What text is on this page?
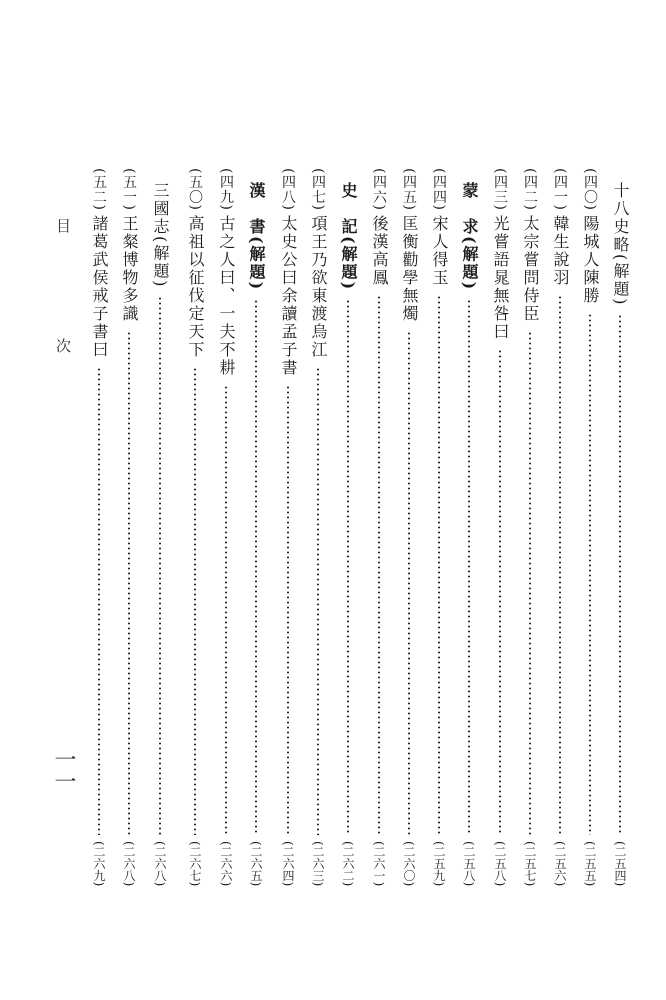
十八史略(解題)
(二五四)
(四〇)
陽城人陳勝
(二五五)
(四一)
韓生說羽
(二五六)
(四二)
太宗嘗問侍臣
(二五七)
(四三)
光嘗語晁無咎曰
(二五八)
蒙　求(解題)
(二五八)
(四四)
宋人得玉
(二五九)
(四五)
匡衡勸學無燭
(二六〇)
(四六)
後漢高鳳
(二六一)
史　記(解題)
(二六二)
(四七)
項王乃欲東渡烏江
(二六三)
(四八)
太史公曰余讀孟子書
(二六四)
漢　書(解題)
(二六五)
(四九)
古之人曰、一夫不耕
(二六六)
(五〇)
高祖以征伐定天下
(二六七)
三國志(解題)
(二六八)
(五一)
王粲博物多識
(二六八)
(五二)
諸葛武侯戒子書曰
(二六九)
目 次
一一
